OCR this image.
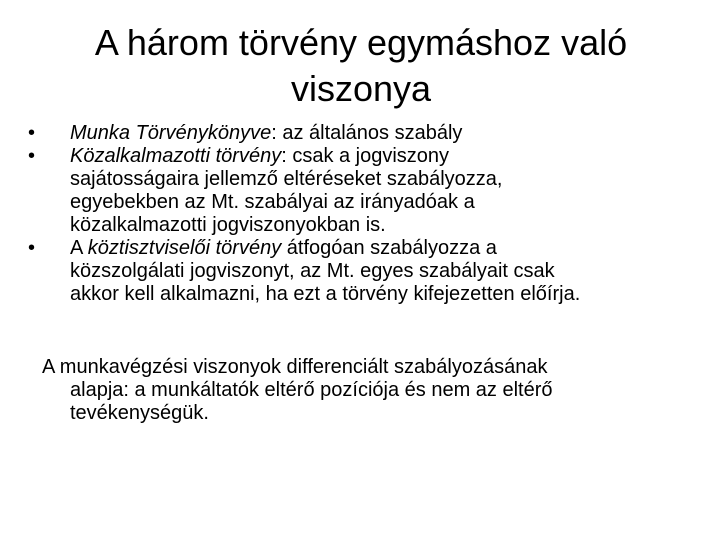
A három törvény egymáshoz való
viszonya
•	Munka Törvénykönyve: az általános szabály
•	Közalkalmazotti törvény: csak a jogviszony
sajátosságaira jellemző eltéréseket szabályozza,
egyebekben az Mt. szabályai az irányadóak a
közalkalmazotti jogviszonyokban is.
•	A köztisztviselői törvény átfogóan szabályozza a
közszolgálati jogviszonyt, az Mt. egyes szabályait csak
akkor kell alkalmazni, ha ezt a törvény kifejezetten előírja.

A munkavégzési viszonyok differenciált szabályozásának
alapja: a munkáltatók eltérő pozíciója és nem az eltérő
tevékenységük.
